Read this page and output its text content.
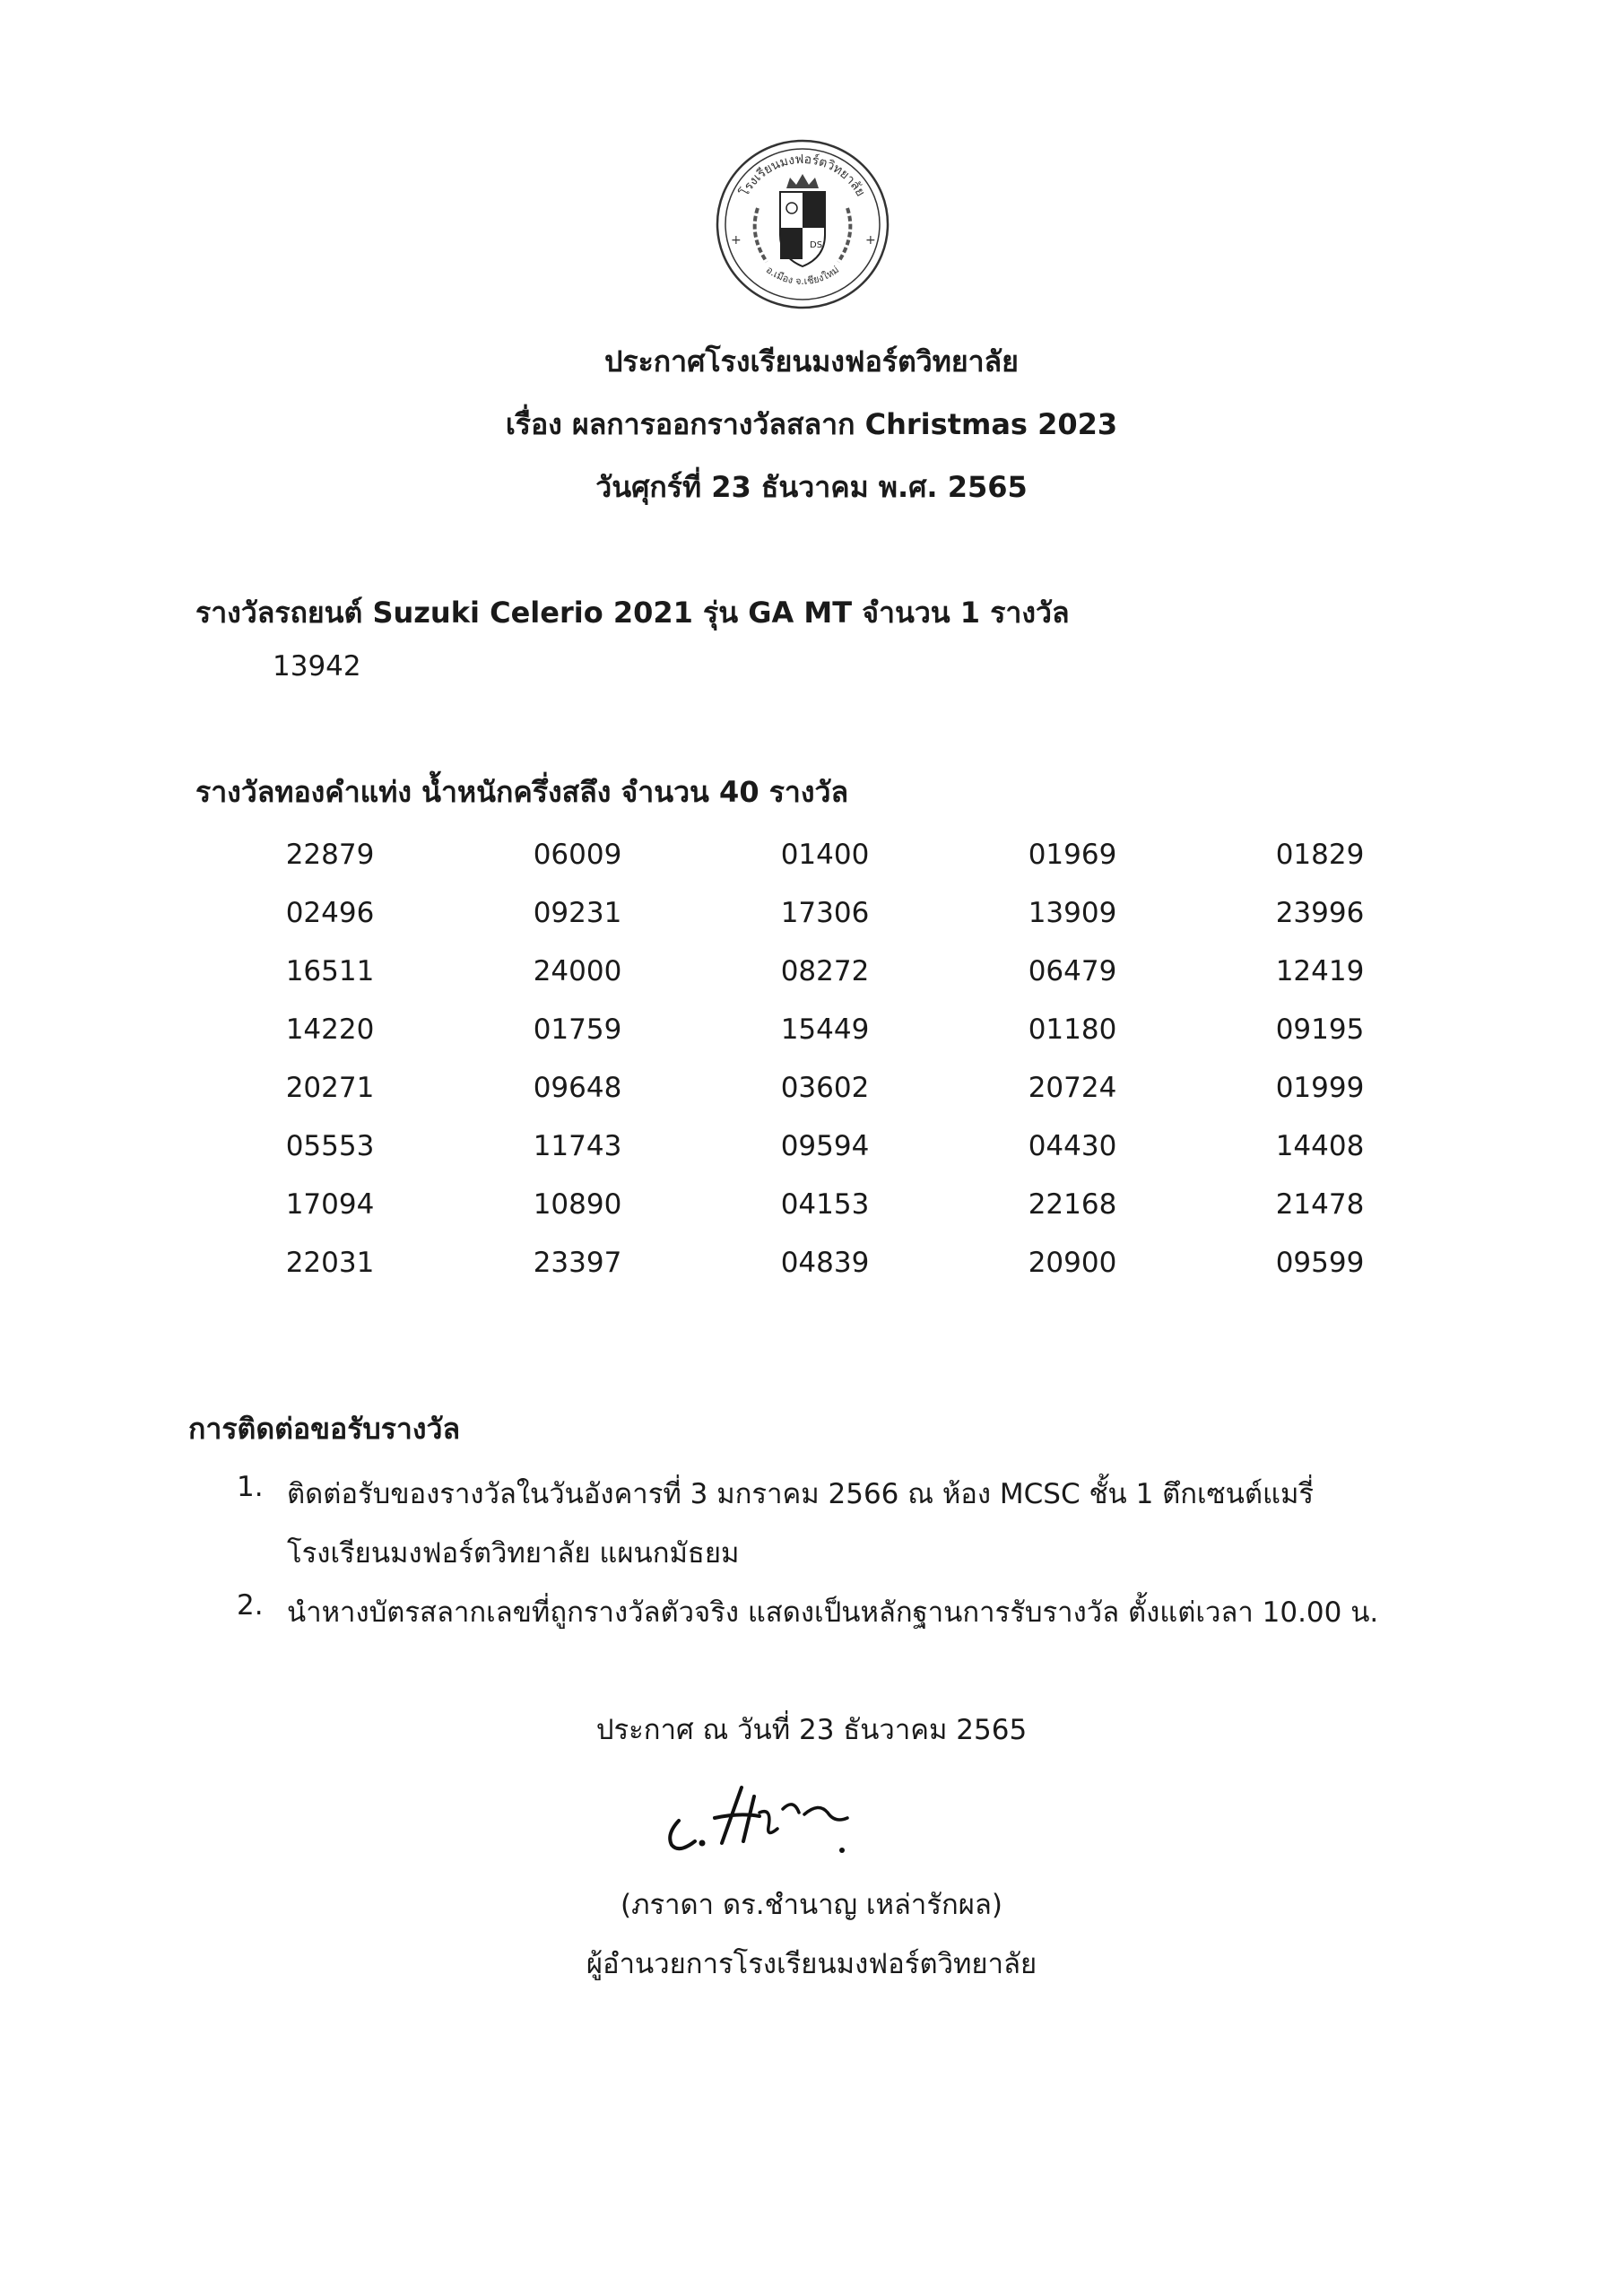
โรงเรียนมงฟอร์ตวิทยาลัย
อ.เมือง จ.เชียงใหม่
DS
+	+
ประกาศโรงเรียนมงฟอร์ตวิทยาลัย
เรื่อง ผลการออกรางวัลสลาก Christmas 2023
วันศุกร์ที่ 23 ธันวาคม พ.ศ. 2565
รางวัลรถยนต์ Suzuki Celerio 2021 รุ่น GA MT จำนวน 1 รางวัล
13942
รางวัลทองคำแท่ง น้ำหนักครึ่งสลึง จำนวน 40 รางวัล
22879	06009	01400	01969	01829
02496	09231	17306	13909	23996
16511	24000	08272	06479	12419
14220	01759	15449	01180	09195
20271	09648	03602	20724	01999
05553	11743	09594	04430	14408
17094	10890	04153	22168	21478
22031	23397	04839	20900	09599
การติดต่อขอรับรางวัล
1. ติดต่อรับของรางวัลในวันอังคารที่ 3 มกราคม 2566 ณ ห้อง MCSC ชั้น 1 ตึกเซนต์แมรี่
โรงเรียนมงฟอร์ตวิทยาลัย แผนกมัธยม
2. นำหางบัตรสลากเลขที่ถูกรางวัลตัวจริง แสดงเป็นหลักฐานการรับรางวัล ตั้งแต่เวลา 10.00 น.
ประกาศ ณ วันที่ 23 ธันวาคม 2565
(ภราดา ดร.ชำนาญ เหล่ารักผล)
ผู้อำนวยการโรงเรียนมงฟอร์ตวิทยาลัย
